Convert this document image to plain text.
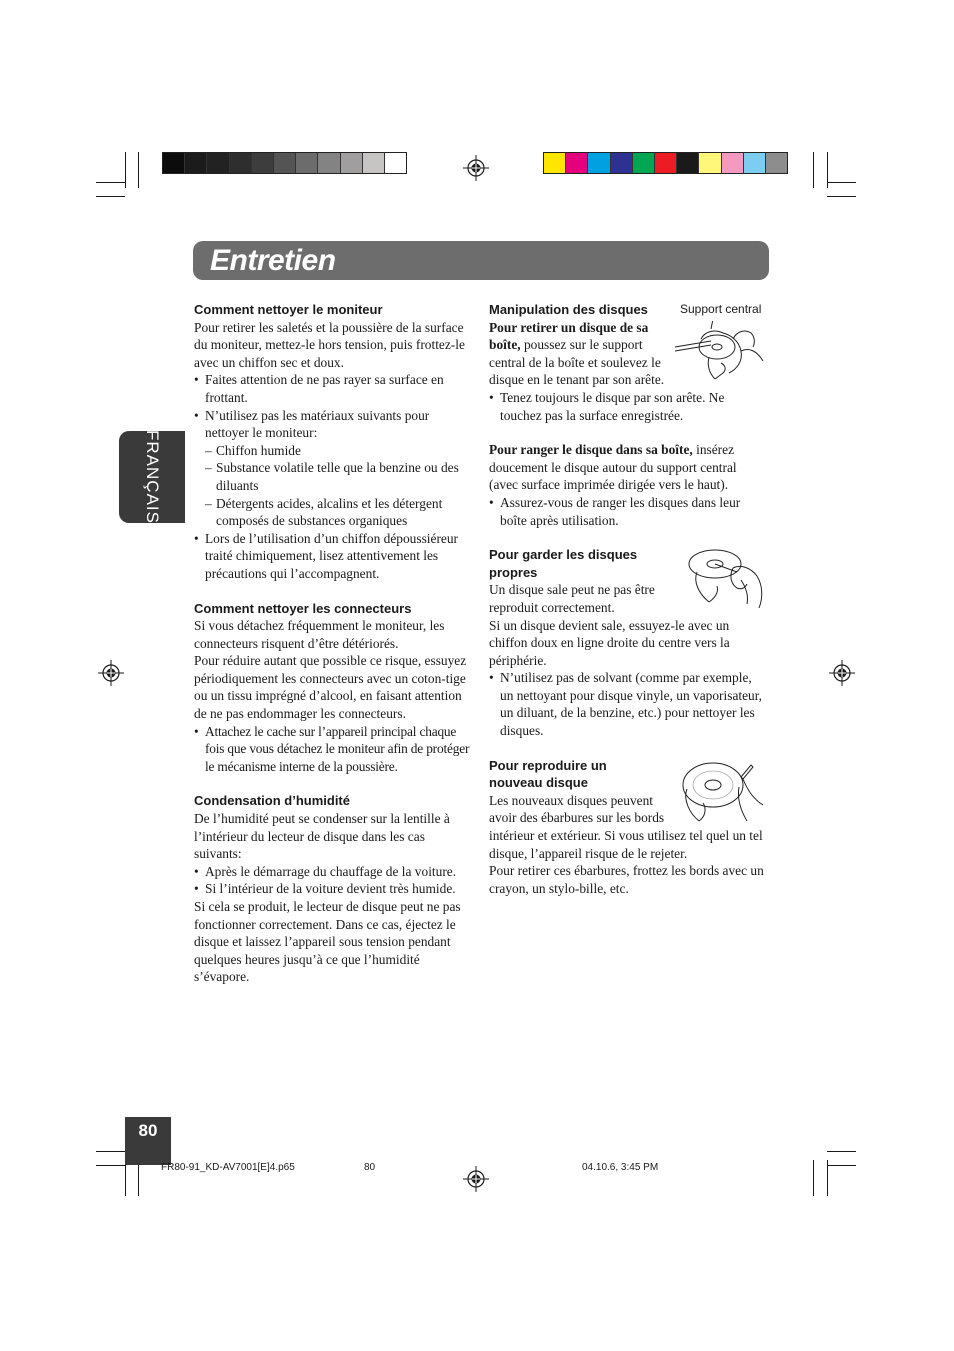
Entretien
FRANÇAIS

Comment nettoyer le moniteur

Pour retirer les saletés et la poussière de la surface du moniteur, mettez-le hors tension, puis frottez-le avec un chiffon sec et doux.

• Faites attention de ne pas rayer sa surface en frottant.

• N’utilisez pas les matériaux suivants pour nettoyer le moniteur:

– Chiffon humide

– Substance volatile telle que la benzine ou des diluants

– Détergents acides, alcalins et les détergent composés de substances organiques

• Lors de l’utilisation d’un chiffon dépoussiéreur traité chimiquement, lisez attentivement les précautions qui l’accompagnent.

Comment nettoyer les connecteurs

Si vous détachez fréquemment le moniteur, les connecteurs risquent d’être détériorés.

Pour réduire autant que possible ce risque, essuyez périodiquement les connecteurs avec un coton-tige ou un tissu imprégné d’alcool, en faisant attention de ne pas endommager les connecteurs.

• Attachez le cache sur l’appareil principal chaque fois que vous détachez le moniteur afin de protéger le mécanisme interne de la poussière.

Condensation d’humidité

De l’humidité peut se condenser sur la lentille à l’intérieur du lecteur de disque dans les cas suivants:

• Après le démarrage du chauffage de la voiture.

• Si l’intérieur de la voiture devient très humide.

Si cela se produit, le lecteur de disque peut ne pas fonctionner correctement. Dans ce cas, éjectez le disque et laissez l’appareil sous tension pendant quelques heures jusqu’à ce que l’humidité s’évapore.

Support central

Manipulation des disques

Pour retirer un disque de sa boîte, poussez sur le support central de la boîte et soulevez le disque en le tenant par son arête.

• Tenez toujours le disque par son arête. Ne touchez pas la surface enregistrée.

Pour ranger le disque dans sa boîte, insérez doucement le disque autour du support central (avec surface imprimée dirigée vers le haut).

• Assurez-vous de ranger les disques dans leur boîte après utilisation.

Pour garder les disques propres

Un disque sale peut ne pas être reproduit correctement.

Si un disque devient sale, essuyez-le avec un chiffon doux en ligne droite du centre vers la périphérie.

• N’utilisez pas de solvant (comme par exemple, un nettoyant pour disque vinyle, un vaporisateur, un diluant, de la benzine, etc.) pour nettoyer les disques.

Pour reproduire un nouveau disque

Les nouveaux disques peuvent avoir des ébarbures sur les bords intérieur et extérieur. Si vous utilisez tel quel un tel disque, l’appareil risque de le rejeter.

Pour retirer ces ébarbures, frottez les bords avec un crayon, un stylo-bille, etc.

80
FR80-91_KD-AV7001[E]4.p65	80	04.10.6, 3:45 PM
